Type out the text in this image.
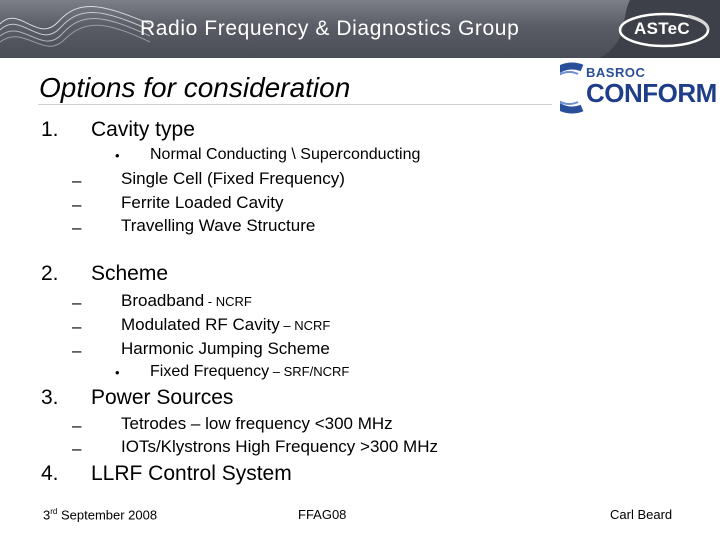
Radio Frequency & Diagnostics Group	ASTeC
Options for consideration	BASROC
CONFORM
1. Cavity type
• Normal Conducting \ Superconducting
– Single Cell (Fixed Frequency)
– Ferrite Loaded Cavity
– Travelling Wave Structure
2. Scheme
– Broadband - NCRF
– Modulated RF Cavity – NCRF
– Harmonic Jumping Scheme
• Fixed Frequency – SRF/NCRF
3. Power Sources
– Tetrodes – low frequency <300 MHz
– IOTs/Klystrons High Frequency >300 MHz
4. LLRF Control System
3rd September 2008	FFAG08	Carl Beard
